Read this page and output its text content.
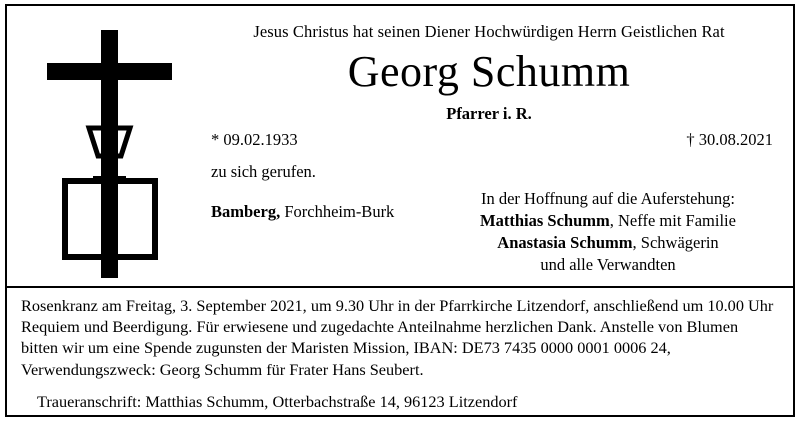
Jesus Christus hat seinen Diener Hochwürdigen Herrn Geistlichen Rat
Georg Schumm
Pfarrer i. R.
* 09.02.1933	† 30.08.2021
zu sich gerufen.
Bamberg, Forchheim-Burk
In der Hoffnung auf die Auferstehung:
Matthias Schumm, Neffe mit Familie
Anastasia Schumm, Schwägerin
und alle Verwandten
Rosenkranz am Freitag, 3. September 2021, um 9.30 Uhr in der Pfarrkirche Litzendorf, anschließend um 10.00 Uhr Requiem und Beerdigung. Für erwiesene und zugedachte Anteilnahme herzlichen Dank. Anstelle von Blumen bitten wir um eine Spende zugunsten der Maristen Mission, IBAN: DE73 7435 0000 0001 0006 24, Verwendungszweck: Georg Schumm für Frater Hans Seubert.
Traueranschrift: Matthias Schumm, Otterbachstraße 14, 96123 Litzendorf
